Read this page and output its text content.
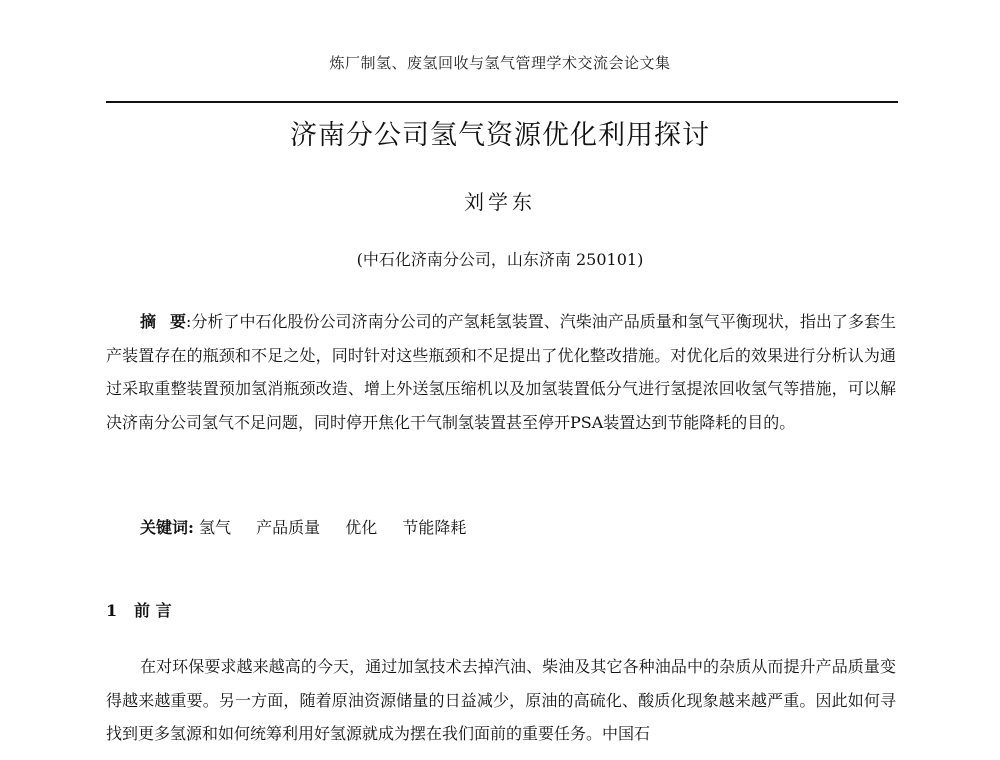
炼厂制氢、废氢回收与氢气管理学术交流会论文集
济南分公司氢气资源优化利用探讨
刘学东
(中石化济南分公司，山东济南 250101)
摘 要:分析了中石化股份公司济南分公司的产氢耗氢装置、汽柴油产品质量和氢气平衡现状，指出了多套生产装置存在的瓶颈和不足之处，同时针对这些瓶颈和不足提出了优化整改措施。对优化后的效果进行分析认为通过采取重整装置预加氢消瓶颈改造、增上外送氢压缩机以及加氢装置低分气进行氢提浓回收氢气等措施，可以解决济南分公司氢气不足问题，同时停开焦化干气制氢装置甚至停开PSA装置达到节能降耗的目的。
关键词: 氢气 产品质量 优化 节能降耗
1 前 言
在对环保要求越来越高的今天，通过加氢技术去掉汽油、柴油及其它各种油品中的杂质从而提升产品质量变得越来越重要。另一方面，随着原油资源储量的日益减少，原油的高硫化、酸质化现象越来越严重。因此如何寻找到更多氢源和如何统筹利用好氢源就成为摆在我们面前的重要任务。中国石
